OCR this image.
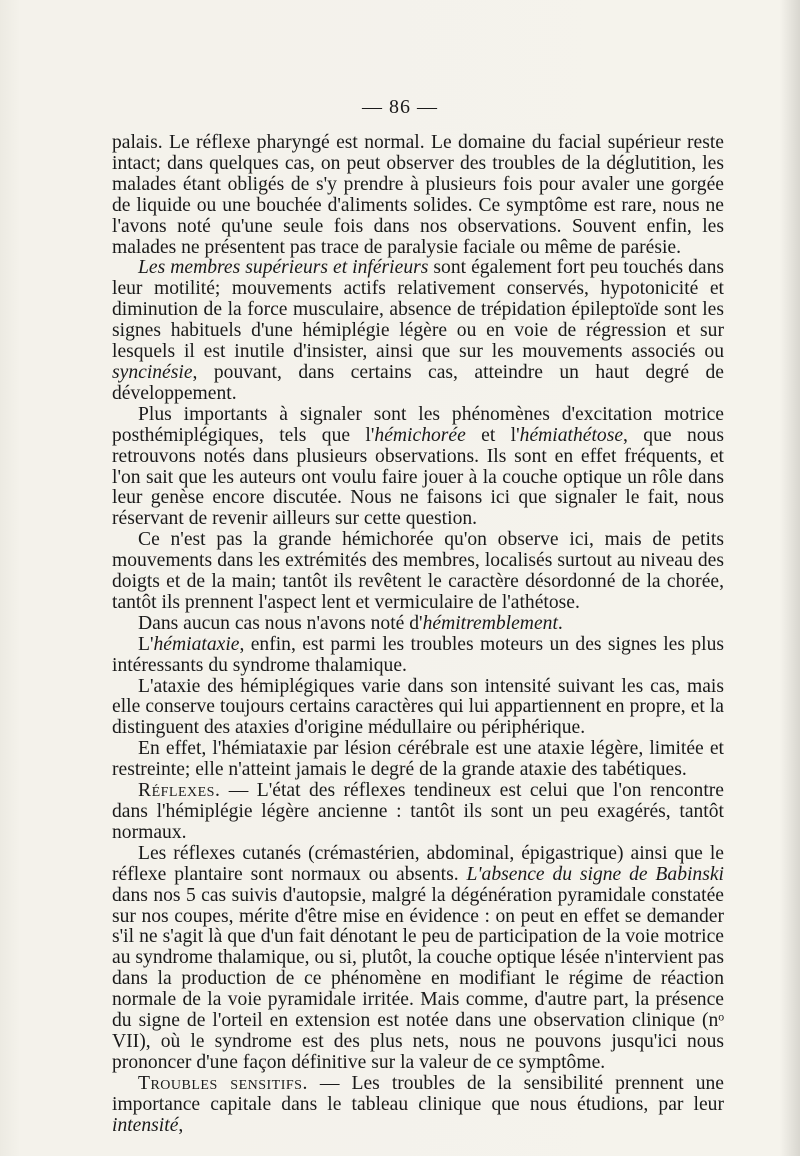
— 86 —

palais. Le réflexe pharyngé est normal. Le domaine du facial supérieur reste intact; dans quelques cas, on peut observer des troubles de la déglutition, les malades étant obligés de s'y prendre à plusieurs fois pour avaler une gorgée de liquide ou une bouchée d'aliments solides. Ce symptôme est rare, nous ne l'avons noté qu'une seule fois dans nos observations. Souvent enfin, les malades ne présentent pas trace de paralysie faciale ou même de parésie.

Les membres supérieurs et inférieurs sont également fort peu touchés dans leur motilité; mouvements actifs relativement conservés, hypotonicité et diminution de la force musculaire, absence de trépidation épileptoïde sont les signes habituels d'une hémiplégie légère ou en voie de régression et sur lesquels il est inutile d'insister, ainsi que sur les mouvements associés ou syncinésie, pouvant, dans certains cas, atteindre un haut degré de développement.

Plus importants à signaler sont les phénomènes d'excitation motrice posthémiplégiques, tels que l'hémichorée et l'hémiathétose, que nous retrouvons notés dans plusieurs observations. Ils sont en effet fréquents, et l'on sait que les auteurs ont voulu faire jouer à la couche optique un rôle dans leur genèse encore discutée. Nous ne faisons ici que signaler le fait, nous réservant de revenir ailleurs sur cette question.

Ce n'est pas la grande hémichorée qu'on observe ici, mais de petits mouvements dans les extrémités des membres, localisés surtout au niveau des doigts et de la main; tantôt ils revêtent le caractère désordonné de la chorée, tantôt ils prennent l'aspect lent et vermiculaire de l'athétose.

Dans aucun cas nous n'avons noté d'hémitremblement.

L'hémiataxie, enfin, est parmi les troubles moteurs un des signes les plus intéressants du syndrome thalamique.

L'ataxie des hémiplégiques varie dans son intensité suivant les cas, mais elle conserve toujours certains caractères qui lui appartiennent en propre, et la distinguent des ataxies d'origine médullaire ou périphérique.

En effet, l'hémiataxie par lésion cérébrale est une ataxie légère, limitée et restreinte; elle n'atteint jamais le degré de la grande ataxie des tabétiques.

Réflexes. — L'état des réflexes tendineux est celui que l'on rencontre dans l'hémiplégie légère ancienne : tantôt ils sont un peu exagérés, tantôt normaux.

Les réflexes cutanés (crémastérien, abdominal, épigastrique) ainsi que le réflexe plantaire sont normaux ou absents. L'absence du signe de Babinski dans nos 5 cas suivis d'autopsie, malgré la dégénération pyramidale constatée sur nos coupes, mérite d'être mise en évidence : on peut en effet se demander s'il ne s'agit là que d'un fait dénotant le peu de participation de la voie motrice au syndrome thalamique, ou si, plutôt, la couche optique lésée n'intervient pas dans la production de ce phénomène en modifiant le régime de réaction normale de la voie pyramidale irritée. Mais comme, d'autre part, la présence du signe de l'orteil en extension est notée dans une observation clinique (nᵒ VII), où le syndrome est des plus nets, nous ne pouvons jusqu'ici nous prononcer d'une façon définitive sur la valeur de ce symptôme.

Troubles sensitifs. — Les troubles de la sensibilité prennent une importance capitale dans le tableau clinique que nous étudions, par leur intensité,
